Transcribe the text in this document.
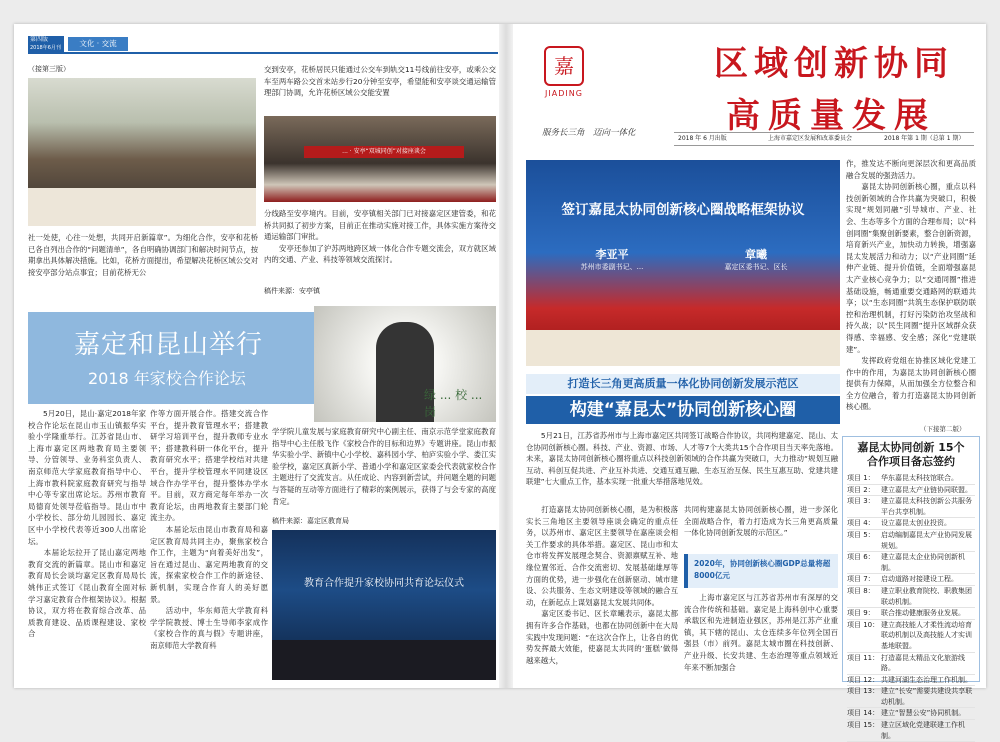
第四版
2018年6月刊	文化 · 交流
（接第三版）
社一处使，心往一处想，共同开启新篇章”。为细化合作，安亭和花桥已各自列出合作的“问题清单”，各自明确协调部门和解决时间节点，按期拿出具体解决措施。比如，花桥方面提出，希望解决花桥区域公交对接安亭部分站点事宜；目前花桥无公
交到安亭，花桥居民只能通过公交车到轨交11号线前往安亭，或乘公交车至两车路公交首末站步行20分钟至安亭，希望能和安亭谈交通运输管理部门协调，允许花桥区域公交能安置
... · 安亭“双城同创”对接座谈会
分线路至安亭境内。目前，安亭镇相关部门已对接嘉定区建管委，和花桥共同拟了初步方案，目前正在推动实施对接工作，具体实施方案待交通运输部门审批。
　　安亭还参加了沪苏两地跨区域一体化合作专题交流会，双方就区域内的交通、产业、科技等领域交流探讨。
稿件来源：安亭镇
嘉定和昆山举行
2018 年家校合作论坛
绿 ... 校 ... 岗
　　5月20日，昆山·嘉定2018年家校合作论坛在昆山市玉山镇振华实验小学隆重举行。江苏省昆山市、上海市嘉定区两地教育局主要领导、分管领导、业务科室负责人、南京师范大学家庭教育指导中心、上海市教科院家庭教育研究与指导中心等专家出席论坛。苏州市教育局德育处领导莅临指导。昆山市中小学校长、部分幼儿园园长、嘉定区中小学校代表等近300人出席论坛。
　　本届论坛拉开了昆山嘉定两地教育交流的新篇章。昆山市和嘉定教育局长会谈均嘉定区教育局局长姚伟正式签订《昆山教育全面对标学习嘉定教育合作框架协议》。根据协议，双方将在教育综合改革、品质教育建设、品质课程建设、家校合
作等方面开展合作。搭建交流合作平台，提升教育管理水平；搭建教研学习培训平台，提升教师专业水平；搭建教科研一体化平台，提升教育研究水平；搭建学校结对共建平台，提升学校管理水平同建设区域合作办学平台，提升整体办学水平。目前，双方商定每年举办一次教育论坛，由两地教育主要部门轮流主办。
　　本届论坛由昆山市教育局和嘉定区教育局共同主办，聚焦家校合作工作，主题为“向着美好出发”，旨在通过昆山、嘉定两地教育的交流，探索家校合作工作的新途径、新机制，实现合作育人的美好愿景。
　　活动中，华东师范大学教育科学学院教授、博士生导师李家成作《家校合作的真与假》专题讲座，南京师范大学教育科
学学院儿童发展与家庭教育研究中心副主任、南京示范学堂家庭教育指导中心主任殷飞作《家校合作的目标和边界》专题讲座。昆山市振华实验小学、新镇中心小学校、嘉科园小学、柏庐实验小学、娄江实验学校，嘉定区真新小学、普通小学和嘉定区家委会代表就家校合作主题进行了交流发言。从任成论、内容到新尝试，并问题全题的问题与答疑的互动等方面进行了精彩的案例展示，获得了与会专家的高度肯定。
稿件来源：嘉定区教育局
教育合作提升家校协同共育论坛仪式
嘉
JIADING
服务长三角　迈向一体化
区域创新协同
高质量发展
2018 年 6 月出版	上海市嘉定区发展和改革委员会	2018 年第 1 期（总第 1 期）
签订嘉昆太协同创新核心圈战略框架协议
李亚平
苏州市委副书记、...
章曦
嘉定区委书记、区长
打造长三角更高质量一体化协同创新发展示范区
构建“嘉昆太”协同创新核心圈
　　5月21日，江苏省苏州市与上海市嘉定区共同签订战略合作协议，共同构建嘉定、昆山、太仓协同创新核心圈。科技、产业、资源、市场、人才等7个大类共15个合作项目当天率先落地。未来，嘉昆太协同创新核心圈将重点以科技创新领域的合作共赢为突破口，大力推动“规划互融互动、科创互促共进、产业互补共进、交通互通互融、生态互治互保、民生互惠互助、党建共建联建”七大重点工作，基本实现一批重大举措落地见效。
　　打造嘉昆太协同创新核心圈，是为积极落实长三角地区主要领导座谈会确定的重点任务，以苏州市、嘉定区主要领导在嘉座谈会相关工作要求的具体举措。嘉定区、昆山市和太仓市将发挥发展理念契合、资源禀赋互补、地缘位置邻近、合作交流密切、发展基础雄厚等方面的优势，进一步强化在创新驱动、城市建设、公共服务、生态文明建设等领域的融合互动，在新起点上谋划嘉昆太发展共同体。
　　嘉定区委书记、区长章曦表示，嘉昆太都拥有许多合作基础，也都在协同创新中在大局实践中发现问题：“在这次合作上，让各自的优势发挥最大效能，使嘉昆太共同的‘蛋糕’做得越来越大，
共同构建嘉昆太协同创新核心圈，进一步深化全面战略合作，着力打造成为长三角更高质量一体化协同创新发展的示范区。”
2020年，协同创新核心圈GDP总量将超8000亿元
　　上海市嘉定区与江苏省苏州市有深厚的交流合作传统和基础。嘉定是上海科创中心重要承载区和先进制造业强区，苏州是江苏产业重镇，其下辖的昆山、太仓连续多年位列全国百强县（市）前列。嘉昆太城市圈在科技创新、产业升级、长安共建、生态治理等重点领域近年来不断加强合
作，推发达不断向更深层次和更高品质融合发展的强劲活力。
　　嘉昆太协同创新核心圈，重点以科技创新领域的合作共赢为突破口，积极实现“规划同融”引导城市、产业、社会、生态等多个方面的合理布局；以“科创同圈”集聚创新要素，整合创新资源，培育新兴产业，加快动力转换，增强嘉昆太发展活力和动力；以“产业同圈”延伸产业链、提升价值链，全面增强嘉昆太产业核心竞争力；以“交通同圈”推进基础设施，畅通重要交通路网的联通共享；以“生态同圈”共筑生态保护联防联控和治理机制，打好污染防治攻坚战和持久战；以“民生同圈”提升区域群众获得感、幸福感、安全感；深化“党建联建”。
　　发挥政府党组在协推区域化党建工作中的作用，为嘉昆太协同创新核心圈提供有力保障，从而加强全方位整合和全方位融合，着力打造嘉昆太协同创新核心圈。
（下接第二版）
嘉昆太协同创新 15个
合作项目备忘签约
项目 1： 华东嘉昆太科技馆联合。
项目 2： 建立嘉昆太产业链协同联盟。
项目 3： 建立嘉昆太科技创新公共服务平台共享机制。
项目 4： 设立嘉昆太创业投资。
项目 5： 启动编制嘉昆太产业协同发展规划。
项目 6： 建立嘉昆太企业协同创新机制。
项目 7： 启动道路对接建设工程。
项目 8： 建立职业教育院校、职教集团联动机制。
项目 9： 联合推动健康服务业发展。
项目 10： 建立高技能人才柔性流动培育联动机制以及高技能人才实训基地联盟。
项目 11： 打造嘉昆太精品文化旅游线路。
项目 12： 共建河湖生态治理工作机制。
项目 13： 建立“长安”需要共建设共享联动机制。
项目 14： 建立“智慧公安”协同机制。
项目 15： 建立区域化党建联建工作机制。
